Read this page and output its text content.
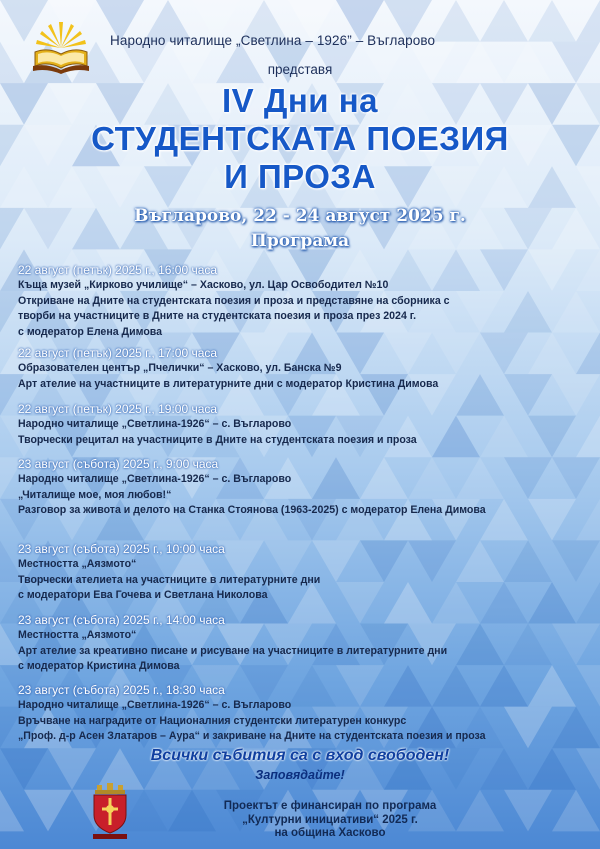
Народно читалище „Светлина – 1926” – Въгларово
представя
IV Дни на
СТУДЕНТСКАТА ПОЕЗИЯ
И ПРОЗА
Въгларово, 22 - 24 август 2025 г.
Програма
22 август (петък) 2025 г., 16:00 часа
Къща музей „Кирково училище“ – Хасково, ул. Цар Освободител №10
Откриване на Дните на студентската поезия и проза и представяне на сборника с
творби на участниците в Дните на студентската поезия и проза през 2024 г.
с модератор Елена Димова
22 август (петък) 2025 г., 17:00 часа
Образователен център „Пчелички“ – Хасково, ул. Банска №9
Арт ателие на участниците в литературните дни с модератор Кристина Димова
22 август (петък) 2025 г., 19:00 часа
Народно читалище „Светлина-1926“ – с. Въгларово
Творчески рецитал на участниците в Дните на студентската поезия и проза
23 август (събота) 2025 г., 9:00 часа
Народно читалище „Светлина-1926“ – с. Въгларово
„Читалище мое, моя любов!“
Разговор за живота и делото на Станка Стоянова (1963-2025) с модератор Елена Димова
23 август (събота) 2025 г., 10:00 часа
Местността „Аязмото“
Творчески ателиета на участниците в литературните дни
с модератори Ева Гочева и Светлана Николова
23 август (събота) 2025 г., 14:00 часа
Местността „Аязмото“
Арт ателие за креативно писане и рисуване на участниците в литературните дни
с модератор Кристина Димова
23 август (събота) 2025 г., 18:30 часа
Народно читалище „Светлина-1926“ – с. Въгларово
Връчване на наградите от Националния студентски литературен конкурс
„Проф. д-р Асен Златаров – Аура“ и закриване на Дните на студентската поезия и проза
Всички събития са с вход свободен!
Заповядайте!
Проектът е финансиран по програма
„Културни инициативи“ 2025 г.
на община Хасково
